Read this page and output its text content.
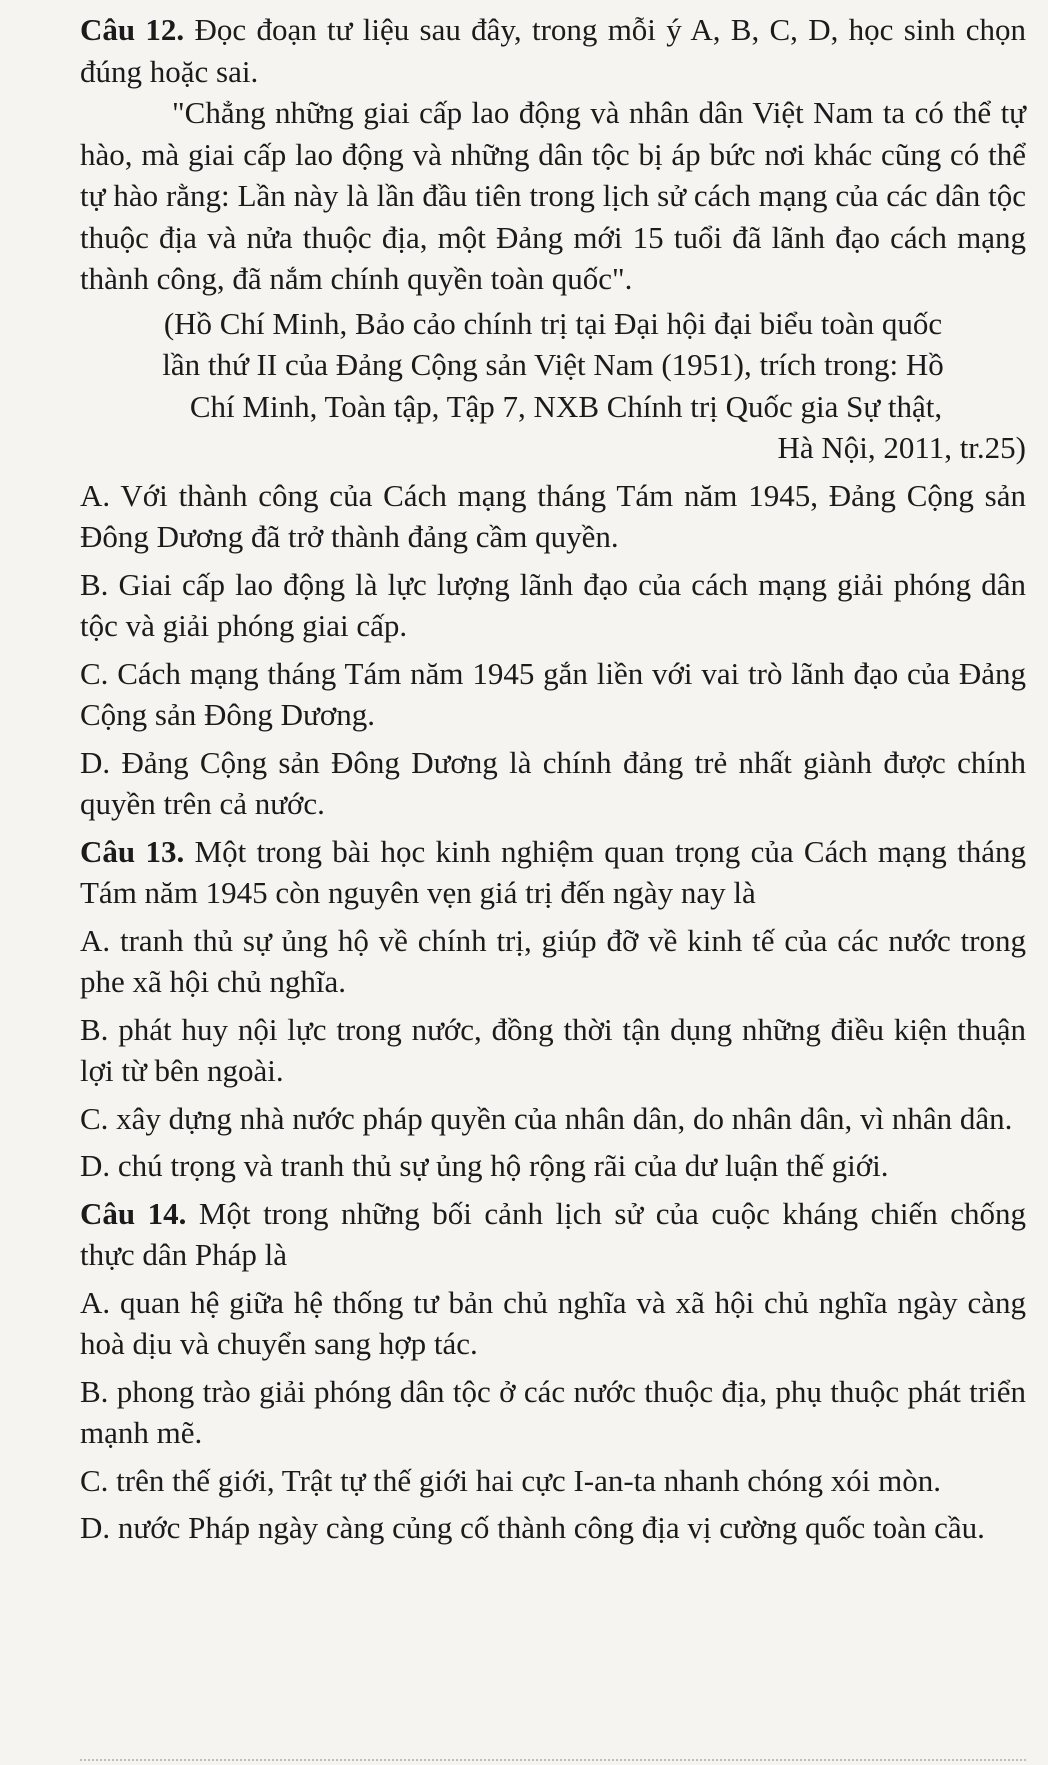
Câu 12. Đọc đoạn tư liệu sau đây, trong mỗi ý A, B, C, D, học sinh chọn đúng hoặc sai.

"Chẳng những giai cấp lao động và nhân dân Việt Nam ta có thể tự hào, mà giai cấp lao động và những dân tộc bị áp bức nơi khác cũng có thể tự hào rằng: Lần này là lần đầu tiên trong lịch sử cách mạng của các dân tộc thuộc địa và nửa thuộc địa, một Đảng mới 15 tuổi đã lãnh đạo cách mạng thành công, đã nắm chính quyền toàn quốc".

(Hồ Chí Minh, Bảo cảo chính trị tại Đại hội đại biểu toàn quốc

lần thứ II của Đảng Cộng sản Việt Nam (1951), trích trong: Hồ

Chí Minh, Toàn tập, Tập 7, NXB Chính trị Quốc gia Sự thật,

Hà Nội, 2011, tr.25)

A. Với thành công của Cách mạng tháng Tám năm 1945, Đảng Cộng sản Đông Dương đã trở thành đảng cầm quyền.

B. Giai cấp lao động là lực lượng lãnh đạo của cách mạng giải phóng dân tộc và giải phóng giai cấp.

C. Cách mạng tháng Tám năm 1945 gắn liền với vai trò lãnh đạo của Đảng Cộng sản Đông Dương.

D. Đảng Cộng sản Đông Dương là chính đảng trẻ nhất giành được chính quyền trên cả nước.

Câu 13. Một trong bài học kinh nghiệm quan trọng của Cách mạng tháng Tám năm 1945 còn nguyên vẹn giá trị đến ngày nay là

A. tranh thủ sự ủng hộ về chính trị, giúp đỡ về kinh tế của các nước trong phe xã hội chủ nghĩa.

B. phát huy nội lực trong nước, đồng thời tận dụng những điều kiện thuận lợi từ bên ngoài.

C. xây dựng nhà nước pháp quyền của nhân dân, do nhân dân, vì nhân dân.

D. chú trọng và tranh thủ sự ủng hộ rộng rãi của dư luận thế giới.

Câu 14. Một trong những bối cảnh lịch sử của cuộc kháng chiến chống thực dân Pháp là

A. quan hệ giữa hệ thống tư bản chủ nghĩa và xã hội chủ nghĩa ngày càng hoà dịu và chuyển sang hợp tác.

B. phong trào giải phóng dân tộc ở các nước thuộc địa, phụ thuộc phát triển mạnh mẽ.

C. trên thế giới, Trật tự thế giới hai cực I-an-ta nhanh chóng xói mòn.

D. nước Pháp ngày càng củng cố thành công địa vị cường quốc toàn cầu.
